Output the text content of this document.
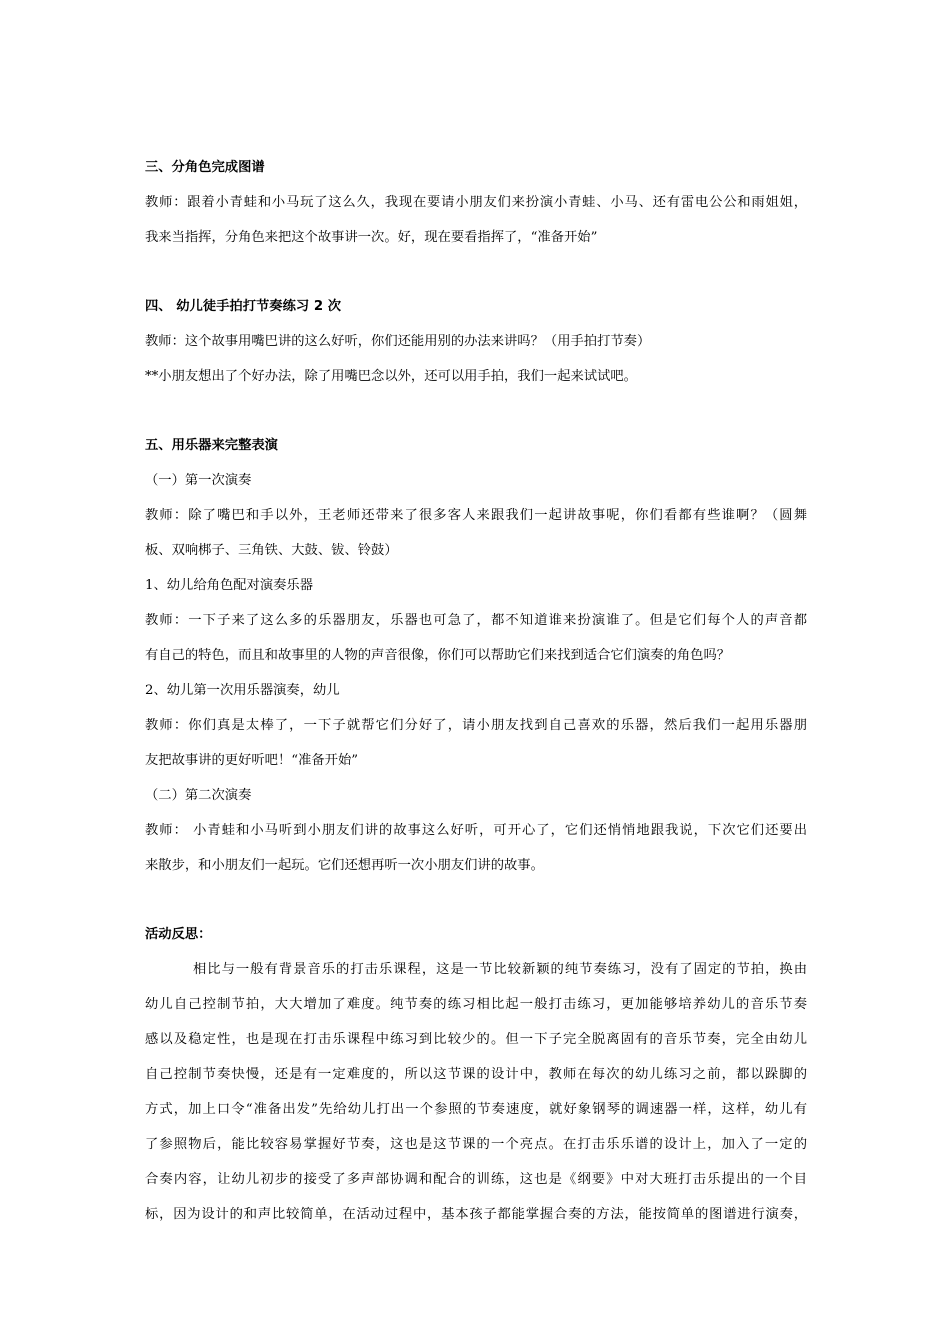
三、分角色完成图谱
教师：跟着小青蛙和小马玩了这么久，我现在要请小朋友们来扮演小青蛙、小马、还有雷电公公和雨姐姐，
我来当指挥，分角色来把这个故事讲一次。好，现在要看指挥了，“准备开始”
四、 幼儿徒手拍打节奏练习 2 次
教师：这个故事用嘴巴讲的这么好听，你们还能用别的办法来讲吗？（用手拍打节奏）
**小朋友想出了个好办法，除了用嘴巴念以外，还可以用手拍，我们一起来试试吧。
五、用乐器来完整表演
（一）第一次演奏
教师：除了嘴巴和手以外，王老师还带来了很多客人来跟我们一起讲故事呢，你们看都有些谁啊？（圆舞
板、双响梆子、三角铁、大鼓、钹、铃鼓）
1、幼儿给角色配对演奏乐器
教师：一下子来了这么多的乐器朋友，乐器也可急了，都不知道谁来扮演谁了。但是它们每个人的声音都
有自己的特色，而且和故事里的人物的声音很像，你们可以帮助它们来找到适合它们演奏的角色吗？
2、幼儿第一次用乐器演奏，幼儿
教师：你们真是太棒了，一下子就帮它们分好了，请小朋友找到自己喜欢的乐器，然后我们一起用乐器朋
友把故事讲的更好听吧！“准备开始”
（二）第二次演奏
教师： 小青蛙和小马听到小朋友们讲的故事这么好听，可开心了，它们还悄悄地跟我说，下次它们还要出
来散步，和小朋友们一起玩。它们还想再听一次小朋友们讲的故事。
活动反思：
相比与一般有背景音乐的打击乐课程，这是一节比较新颖的纯节奏练习，没有了固定的节拍，换由
幼儿自己控制节拍，大大增加了难度。纯节奏的练习相比起一般打击练习，更加能够培养幼儿的音乐节奏
感以及稳定性，也是现在打击乐课程中练习到比较少的。但一下子完全脱离固有的音乐节奏，完全由幼儿
自己控制节奏快慢，还是有一定难度的，所以这节课的设计中，教师在每次的幼儿练习之前，都以跺脚的
方式，加上口令“准备出发”先给幼儿打出一个参照的节奏速度，就好象钢琴的调速器一样，这样，幼儿有
了参照物后，能比较容易掌握好节奏，这也是这节课的一个亮点。在打击乐乐谱的设计上，加入了一定的
合奏内容，让幼儿初步的接受了多声部协调和配合的训练，这也是《纲要》中对大班打击乐提出的一个目
标，因为设计的和声比较简单，在活动过程中，基本孩子都能掌握合奏的方法，能按简单的图谱进行演奏，
